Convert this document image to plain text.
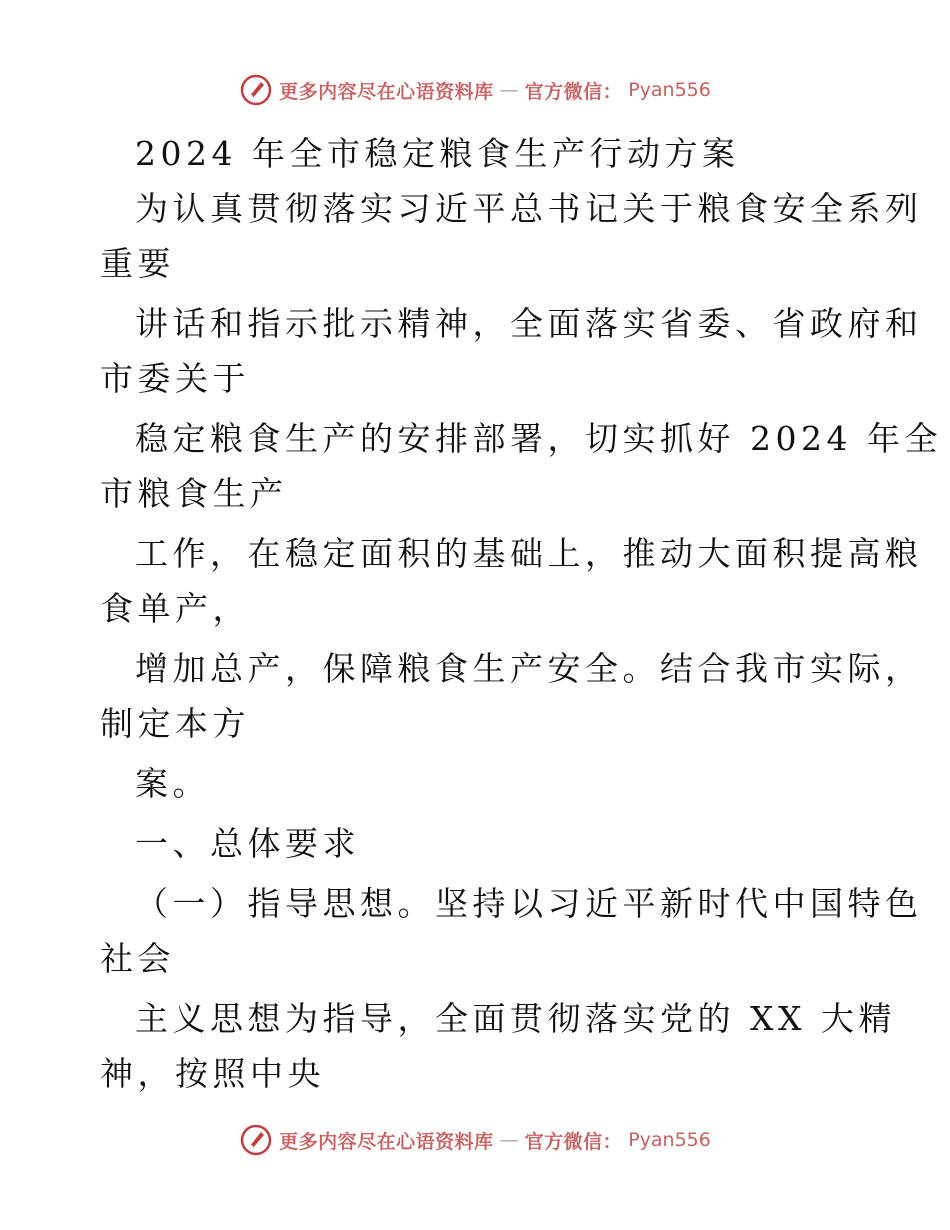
更多内容尽在心语资料库 — 官方微信： Pyan556
2024 年全市稳定粮食生产行动方案
为认真贯彻落实习近平总书记关于粮食安全系列
重要
讲话和指示批示精神，全面落实省委、省政府和
市委关于
稳定粮食生产的安排部署，切实抓好 2024 年全
市粮食生产
工作，在稳定面积的基础上，推动大面积提高粮
食单产，
增加总产，保障粮食生产安全。结合我市实际，
制定本方
案。
一、总体要求
（一）指导思想。坚持以习近平新时代中国特色
社会
主义思想为指导，全面贯彻落实党的 XX 大精
神，按照中央
更多内容尽在心语资料库 — 官方微信： Pyan556
